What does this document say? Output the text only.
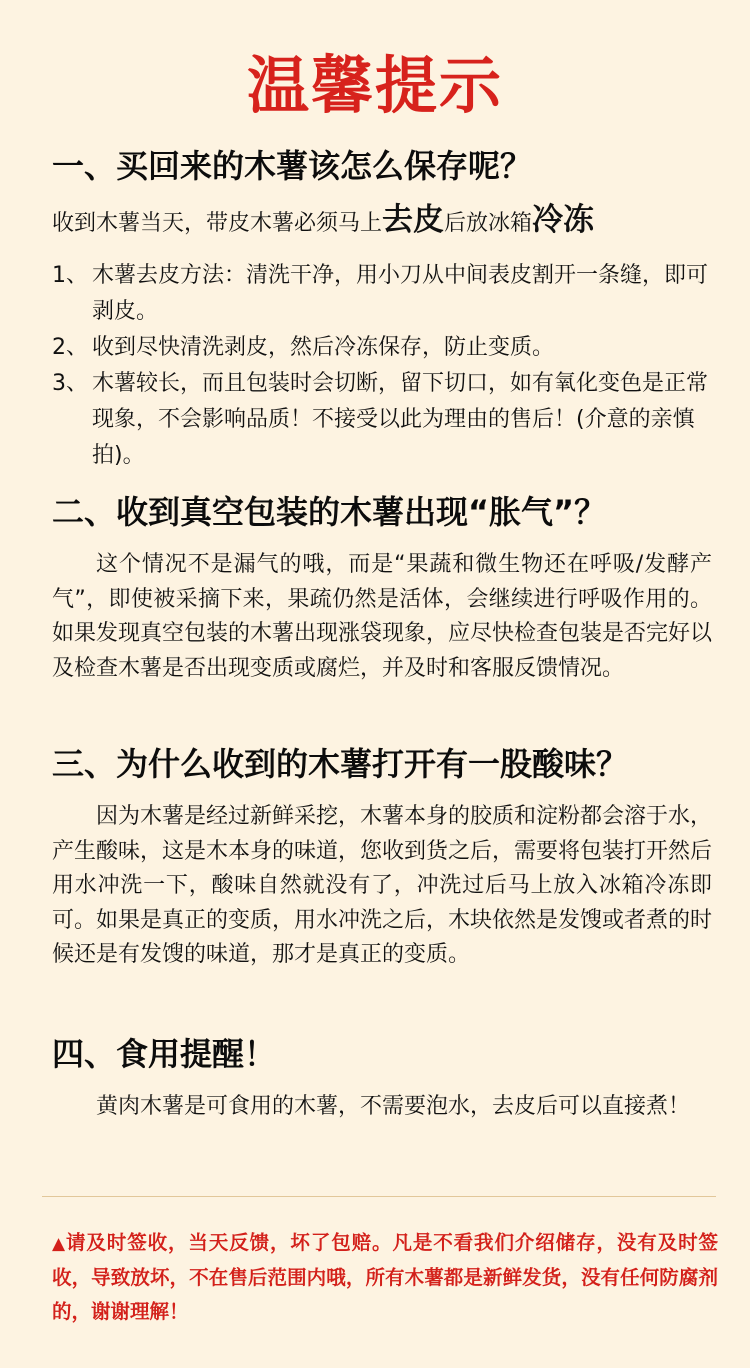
温馨提示
一、买回来的木薯该怎么保存呢？
收到木薯当天，带皮木薯必须马上去皮后放冰箱冷冻
1、 木薯去皮方法：清洗干净，用小刀从中间表皮割开一条缝，即可剥皮。
2、 收到尽快清洗剥皮，然后冷冻保存，防止变质。
3、 木薯较长，而且包装时会切断，留下切口，如有氧化变色是正常现象，不会影响品质！不接受以此为理由的售后！(介意的亲慎拍)。
二、收到真空包装的木薯出现“胀气”？
这个情况不是漏气的哦，而是“果蔬和微生物还在呼吸/发酵产气”，即使被采摘下来，果疏仍然是活体，会继续进行呼吸作用的。如果发现真空包装的木薯出现涨袋现象，应尽快检查包装是否完好以及检查木薯是否出现变质或腐烂，并及时和客服反馈情况。
三、为什么收到的木薯打开有一股酸味？
因为木薯是经过新鲜采挖，木薯本身的胶质和淀粉都会溶于水，产生酸味，这是木本身的味道，您收到货之后，需要将包装打开然后用水冲洗一下，酸味自然就没有了，冲洗过后马上放入冰箱冷冻即可。如果是真正的变质，用水冲洗之后，木块依然是发馊或者煮的时候还是有发馊的味道，那才是真正的变质。
四、食用提醒！
黄肉木薯是可食用的木薯，不需要泡水，去皮后可以直接煮！
▲请及时签收，当天反馈，坏了包赔。凡是不看我们介绍储存，没有及时签收，导致放坏，不在售后范围内哦，所有木薯都是新鲜发货，没有任何防腐剂的，谢谢理解！
